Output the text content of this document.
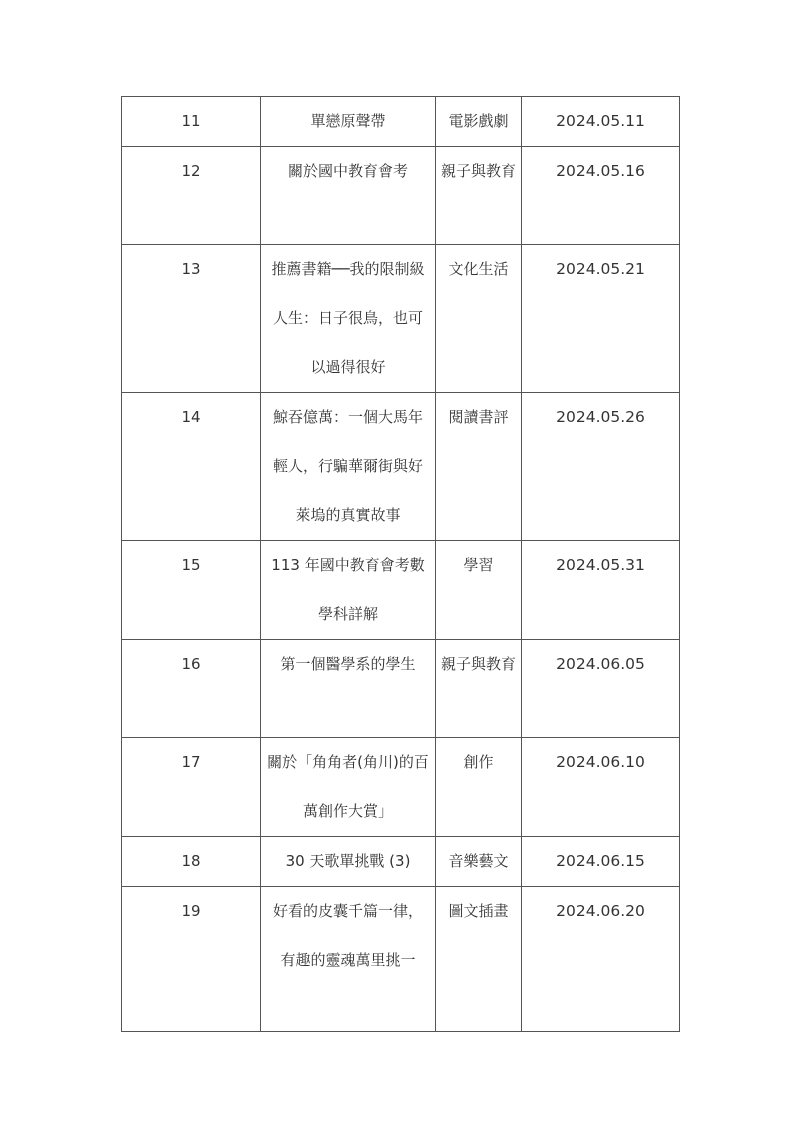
11	單戀原聲帶	電影戲劇	2024.05.11
12	關於國中教育會考	親子與教育	2024.05.16
13	推薦書籍──我的限制級人生：日子很鳥，也可以過得很好	文化生活	2024.05.21
14	鯨吞億萬：一個大馬年輕人，行騙華爾街與好萊塢的真實故事	閱讀書評	2024.05.26
15	113 年國中教育會考數學科詳解	學習	2024.05.31
16	第一個醫學系的學生	親子與教育	2024.06.05
17	關於「角角者(角川)的百萬創作大賞」	創作	2024.06.10
18	30 天歌單挑戰 (3)	音樂藝文	2024.06.15
19	好看的皮囊千篇一律，有趣的靈魂萬里挑一	圖文插畫	2024.06.20
